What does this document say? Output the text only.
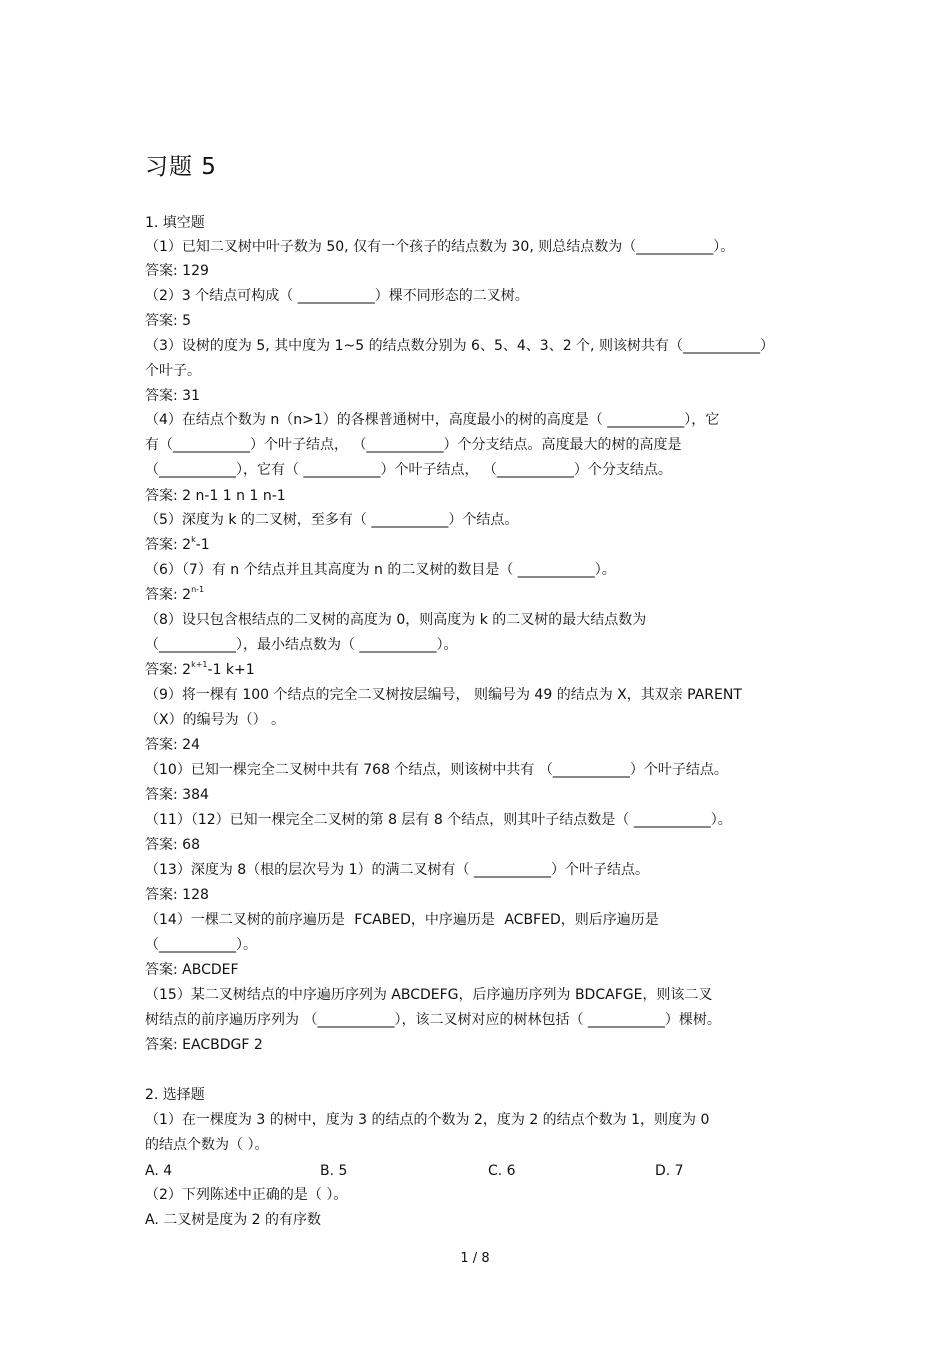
习题 5
1. 填空题
（1）已知二叉树中叶子数为 50, 仅有一个孩子的结点数为 30, 则总结点数为（___________）。
答案: 129
（2）3 个结点可构成（ ___________）棵不同形态的二叉树。
答案: 5
（3）设树的度为 5, 其中度为 1~5 的结点数分别为 6、5、4、3、2 个, 则该树共有（___________）
个叶子。
答案: 31
（4）在结点个数为 n（n>1）的各棵普通树中，高度最小的树的高度是（ ___________），它
有（___________）个叶子结点， （___________）个分支结点。高度最大的树的高度是
（___________），它有（ ___________）个叶子结点， （___________）个分支结点。
答案: 2 n-1 1 n 1 n-1
（5）深度为 k 的二叉树，至多有（ ___________）个结点。
答案: 2$^k$-1
（6）（7）有 n 个结点并且其高度为 n 的二叉树的数目是（ ___________）。
答案: 2$^{n-1}$
（8）设只包含根结点的二叉树的高度为 0，则高度为 k 的二叉树的最大结点数为
（___________），最小结点数为（ ___________）。
答案: $2^{k+1}-1$ k+1
（9）将一棵有 100 个结点的完全二叉树按层编号， 则编号为 49 的结点为 X，其双亲 PARENT
（X）的编号为（） 。
答案: 24
（10）已知一棵完全二叉树中共有 768 个结点，则该树中共有 （___________）个叶子结点。
答案: 384
（11）（12）已知一棵完全二叉树的第 8 层有 8 个结点，则其叶子结点数是（ ___________）。
答案: 68
（13）深度为 8（根的层次号为 1）的满二叉树有（ ___________）个叶子结点。
答案: 128
（14）一棵二叉树的前序遍历是 FCABED，中序遍历是 ACBFED，则后序遍历是
（___________）。
答案: ABCDEF
（15）某二叉树结点的中序遍历序列为 ABCDEFG，后序遍历序列为 BDCAFGE，则该二叉
树结点的前序遍历序列为 （___________），该二叉树对应的树林包括（ ___________）棵树。
答案: EACBDGF 2
2. 选择题
（1）在一棵度为 3 的树中，度为 3 的结点的个数为 2，度为 2 的结点个数为 1，则度为 0
的结点个数为（ ）。
A. 4	B. 5	C. 6	D. 7
（2）下列陈述中正确的是（ ）。
A. 二叉树是度为 2 的有序数
1 / 8
